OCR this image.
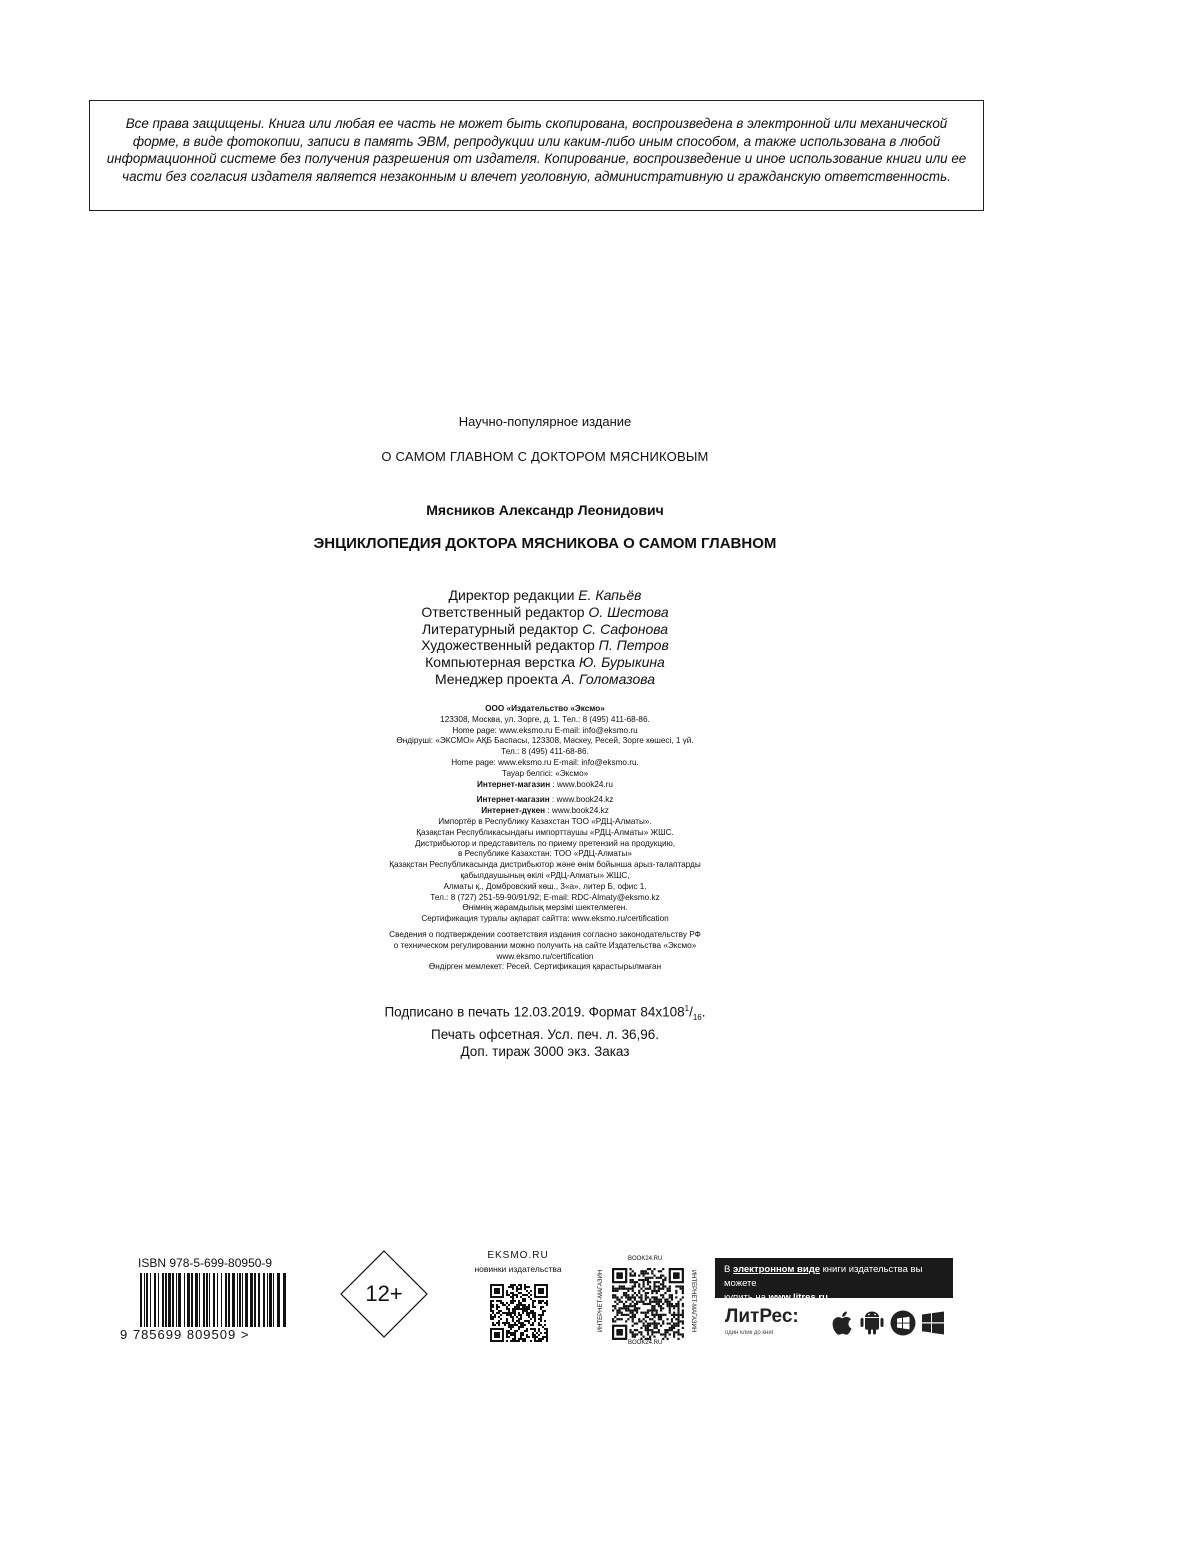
Все права защищены. Книга или любая ее часть не может быть скопирована, воспроизведена в электронной или механической форме, в виде фотокопии, записи в память ЭВМ, репродукции или каким-либо иным способом, а также использована в любой информационной системе без получения разрешения от издателя. Копирование, воспроизведение и иное использование книги или ее части без согласия издателя является незаконным и влечет уголовную, административную и гражданскую ответственность.
Научно-популярное издание
О САМОМ ГЛАВНОМ С ДОКТОРОМ МЯСНИКОВЫМ
Мясников Александр Леонидович
ЭНЦИКЛОПЕДИЯ ДОКТОРА МЯСНИКОВА О САМОМ ГЛАВНОМ
Директор редакции Е. Капьёв
Ответственный редактор О. Шестова
Литературный редактор С. Сафонова
Художественный редактор П. Петров
Компьютерная верстка Ю. Бурыкина
Менеджер проекта А. Голомазова
ООО «Издательство «Эксмо»
123308, Москва, ул. Зорге, д. 1. Тел.: 8 (495) 411-68-86.
Home page: www.eksmo.ru E-mail: info@eksmo.ru
Өндіруші: «ЭКСМО» АҚБ Баспасы, 123308, Мәскеу, Ресей, Зорге көшесі, 1 үй.
Тел.: 8 (495) 411-68-86.
Home page: www.eksmo.ru E-mail: info@eksmo.ru.
Тауар белгісі: «Эксмо»
Интернет-магазин : www.book24.ru
Интернет-магазин : www.book24.kz
Интернет-дүкен : www.book24.kz
Импортёр в Республику Казахстан ТОО «РДЦ-Алматы».
Қазақстан Республикасындағы импорттаушы «РДЦ-Алматы» ЖШС.
Дистрибьютор и представитель по приему претензий на продукцию,
в Республике Казахстан: ТОО «РДЦ-Алматы»
Қазақстан Республикасында дистрибьютор және өнім бойынша арыз-талаптарды
қабылдаушының өкілі «РДЦ-Алматы» ЖШС,
Алматы қ., Домбровский көш., 3«а», литер Б, офис 1.
Тел.: 8 (727) 251-59-90/91/92; E-mail: RDC-Almaty@eksmo.kz
Өнімнің жарамдылық мерзімі шектелмеген.
Сертификация туралы ақпарат сайтта: www.eksmo.ru/certification
Сведения о подтверждении соответствия издания согласно законодательству РФ
о техническом регулировании можно получить на сайте Издательства «Эксмо»
www.eksmo.ru/certification
Өндірген мемлекет: Ресей. Сертификация қарастырылмаған
Подписано в печать 12.03.2019. Формат $84x108^1/_{16}$.
Печать офсетная. Усл. печ. л. 36,96.
Доп. тираж 3000 экз. Заказ
ISBN 978-5-699-80950-9
9 785699 809509 >
12+
EKSMO.RU
новинки издательства
BOOK24.RU
BOOK24.RU
ИНТЕРНЕТ-МАГАЗИН	ИНТЕРНЕТ-МАГАЗИН
В электронном виде книги издательства вы можете
купить на www.litres.ru
ЛитРес:
один клик до книг
